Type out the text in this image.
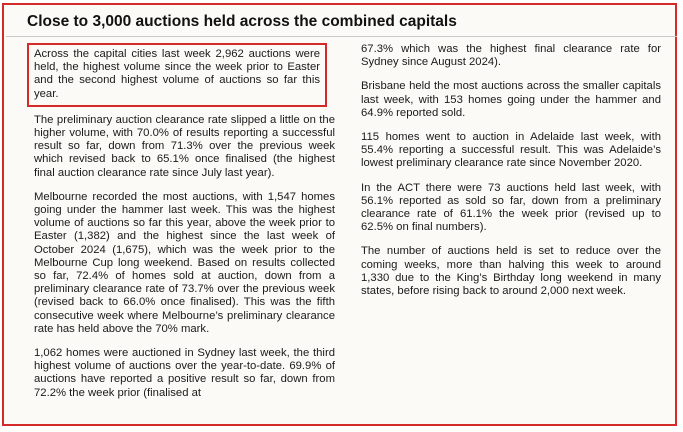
Close to 3,000 auctions held across the combined capitals

Across the capital cities last week 2,962 auctions were held, the highest volume since the week prior to Easter and the second highest volume of auctions so far this year.

The preliminary auction clearance rate slipped a little on the higher volume, with 70.0% of results reporting a successful result so far, down from 71.3% over the previous week which revised back to 65.1% once finalised (the highest final auction clearance rate since July last year).

Melbourne recorded the most auctions, with 1,547 homes going under the hammer last week. This was the highest volume of auctions so far this year, above the week prior to Easter (1,382) and the highest since the last week of October 2024 (1,675), which was the week prior to the Melbourne Cup long weekend. Based on results collected so far, 72.4% of homes sold at auction, down from a preliminary clearance rate of 73.7% over the previous week (revised back to 66.0% once finalised). This was the fifth consecutive week where Melbourne’s preliminary clearance rate has held above the 70% mark.

1,062 homes were auctioned in Sydney last week, the third highest volume of auctions over the year-to-date. 69.9% of auctions have reported a positive result so far, down from 72.2% the week prior (finalised at

67.3% which was the highest final clearance rate for Sydney since August 2024).

Brisbane held the most auctions across the smaller capitals last week, with 153 homes going under the hammer and 64.9% reported sold.

115 homes went to auction in Adelaide last week, with 55.4% reporting a successful result. This was Adelaide’s lowest preliminary clearance rate since November 2020.

In the ACT there were 73 auctions held last week, with 56.1% reported as sold so far, down from a preliminary clearance rate of 61.1% the week prior (revised up to 62.5% on final numbers).

The number of auctions held is set to reduce over the coming weeks, more than halving this week to around 1,330 due to the King’s Birthday long weekend in many states, before rising back to around 2,000 next week.
